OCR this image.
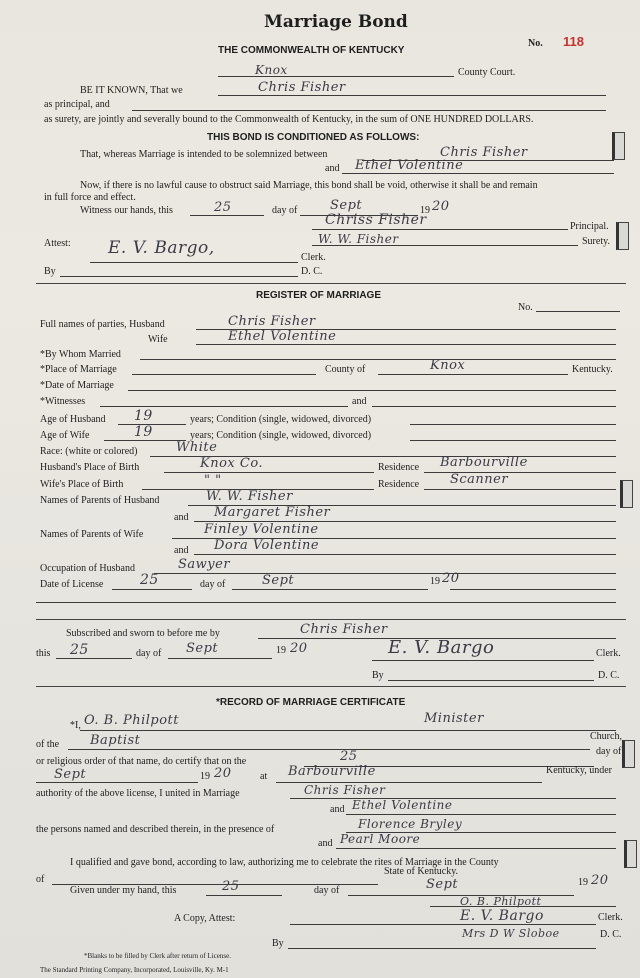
Marriage Bond
THE COMMONWEALTH OF KENTUCKY
No. 118
Knox	County Court.
BE IT KNOWN, That we	Chris Fisher
as principal, and
as surety, are jointly and severally bound to the Commonwealth of Kentucky, in the sum of ONE HUNDRED DOLLARS.
THIS BOND IS CONDITIONED AS FOLLOWS:
That, whereas Marriage is intended to be solemnized between	Chris Fisher
and Ethel Volentine
Now, if there is no lawful cause to obstruct said Marriage, this bond shall be void, otherwise it shall be and remain
in full force and effect.
Witness our hands, this	25	day of	Sept	19 20
Chriss Fisher	Principal.
W. W. Fisher	Surety.
Attest: E. V. Bargo,	Clerk.
By	D. C.
REGISTER OF MARRIAGE
No.
Full names of parties, Husband	Chris Fisher
Wife	Ethel Volentine
*By Whom Married
*Place of Marriage	County of	Knox	Kentucky.
*Date of Marriage
*Witnesses	and
Age of Husband 19	years; Condition (single, widowed, divorced)
Age of Wife	19	years; Condition (single, widowed, divorced)
Race: (white or colored)	White
Husband's Place of Birth	Knox Co.	Residence Barbourville
Wife's Place of Birth	" "	Residence Scanner
Names of Parents of Husband	W. W. Fisher
and Margaret Fisher
Names of Parents of Wife	Finley Volentine
and Dora Volentine
Occupation of Husband	Sawyer
Date of License	25	day of	Sept	19 20
Subscribed and sworn to before me by	Chris Fisher
this 25	day of Sept	19 20	E. V. Bargo	Clerk.
By	D. C.
*RECORD OF MARRIAGE CERTIFICATE
*I, O. B. Philpott	Minister
of the Baptist	Church,
or religious order of that name, do certify that on the	25	day of
Sept	19 20	at Barbourville	Kentucky, under
authority of the above license, I united in Marriage	Chris Fisher
and Ethel Volentine
the persons named and described therein, in the presence of	Florence Bryley
and Pearl Moore
I qualified and gave bond, according to law, authorizing me to celebrate the rites of Marriage in the County
of
State of Kentucky.
Given under my hand, this	25	day of	Sept	19 20
O. B. Philpott
A Copy, Attest:	E. V. Bargo	Clerk.
By
Mrs D W Sloboe	D. C.
*Blanks to be filled by Clerk after return of License.
The Standard Printing Company, Incorporated, Louisville, Ky. M-1
